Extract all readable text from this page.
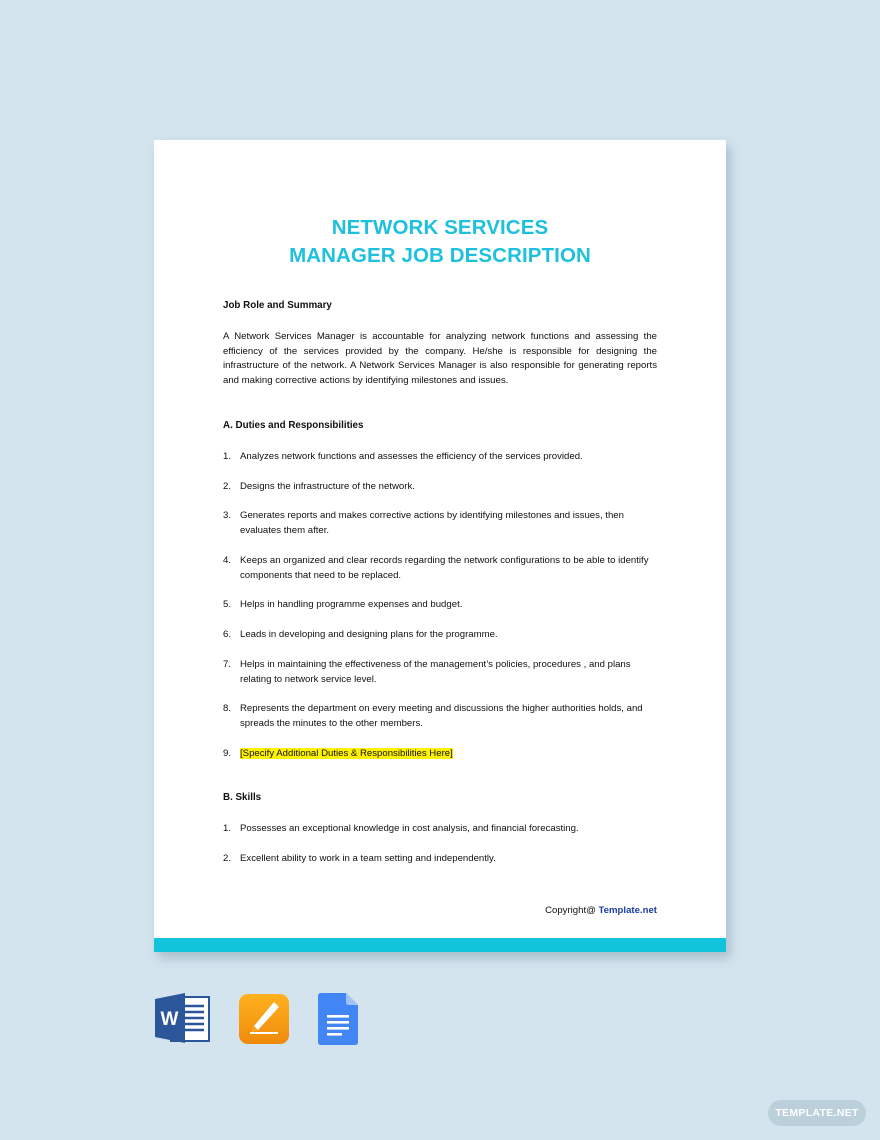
NETWORK SERVICES
MANAGER JOB DESCRIPTION
Job Role and Summary
A Network Services Manager is accountable for analyzing network functions and assessing the efficiency of the services provided by the company. He/she is responsible for designing the infrastructure of the network. A Network Services Manager is also responsible for generating reports and making corrective actions by identifying milestones and issues.
A. Duties and Responsibilities
1. Analyzes network functions and assesses the efficiency of the services provided.
2. Designs the infrastructure of the network.
3. Generates reports and makes corrective actions by identifying milestones and issues, then evaluates them after.
4. Keeps an organized and clear records regarding the network configurations to be able to identify components that need to be replaced.
5. Helps in handling programme expenses and budget.
6. Leads in developing and designing plans for the programme.
7. Helps in maintaining the effectiveness of the management’s policies, procedures , and plans relating to network service level.
8. Represents the department on every meeting and discussions the higher authorities holds, and spreads the minutes to the other members.
9. [Specify Additional Duties & Responsibilities Here]
B. Skills
1. Possesses an exceptional knowledge in cost analysis, and financial forecasting.
2. Excellent ability to work in a team setting and independently.
Copyright@ Template.net
W
TEMPLATE.NET
